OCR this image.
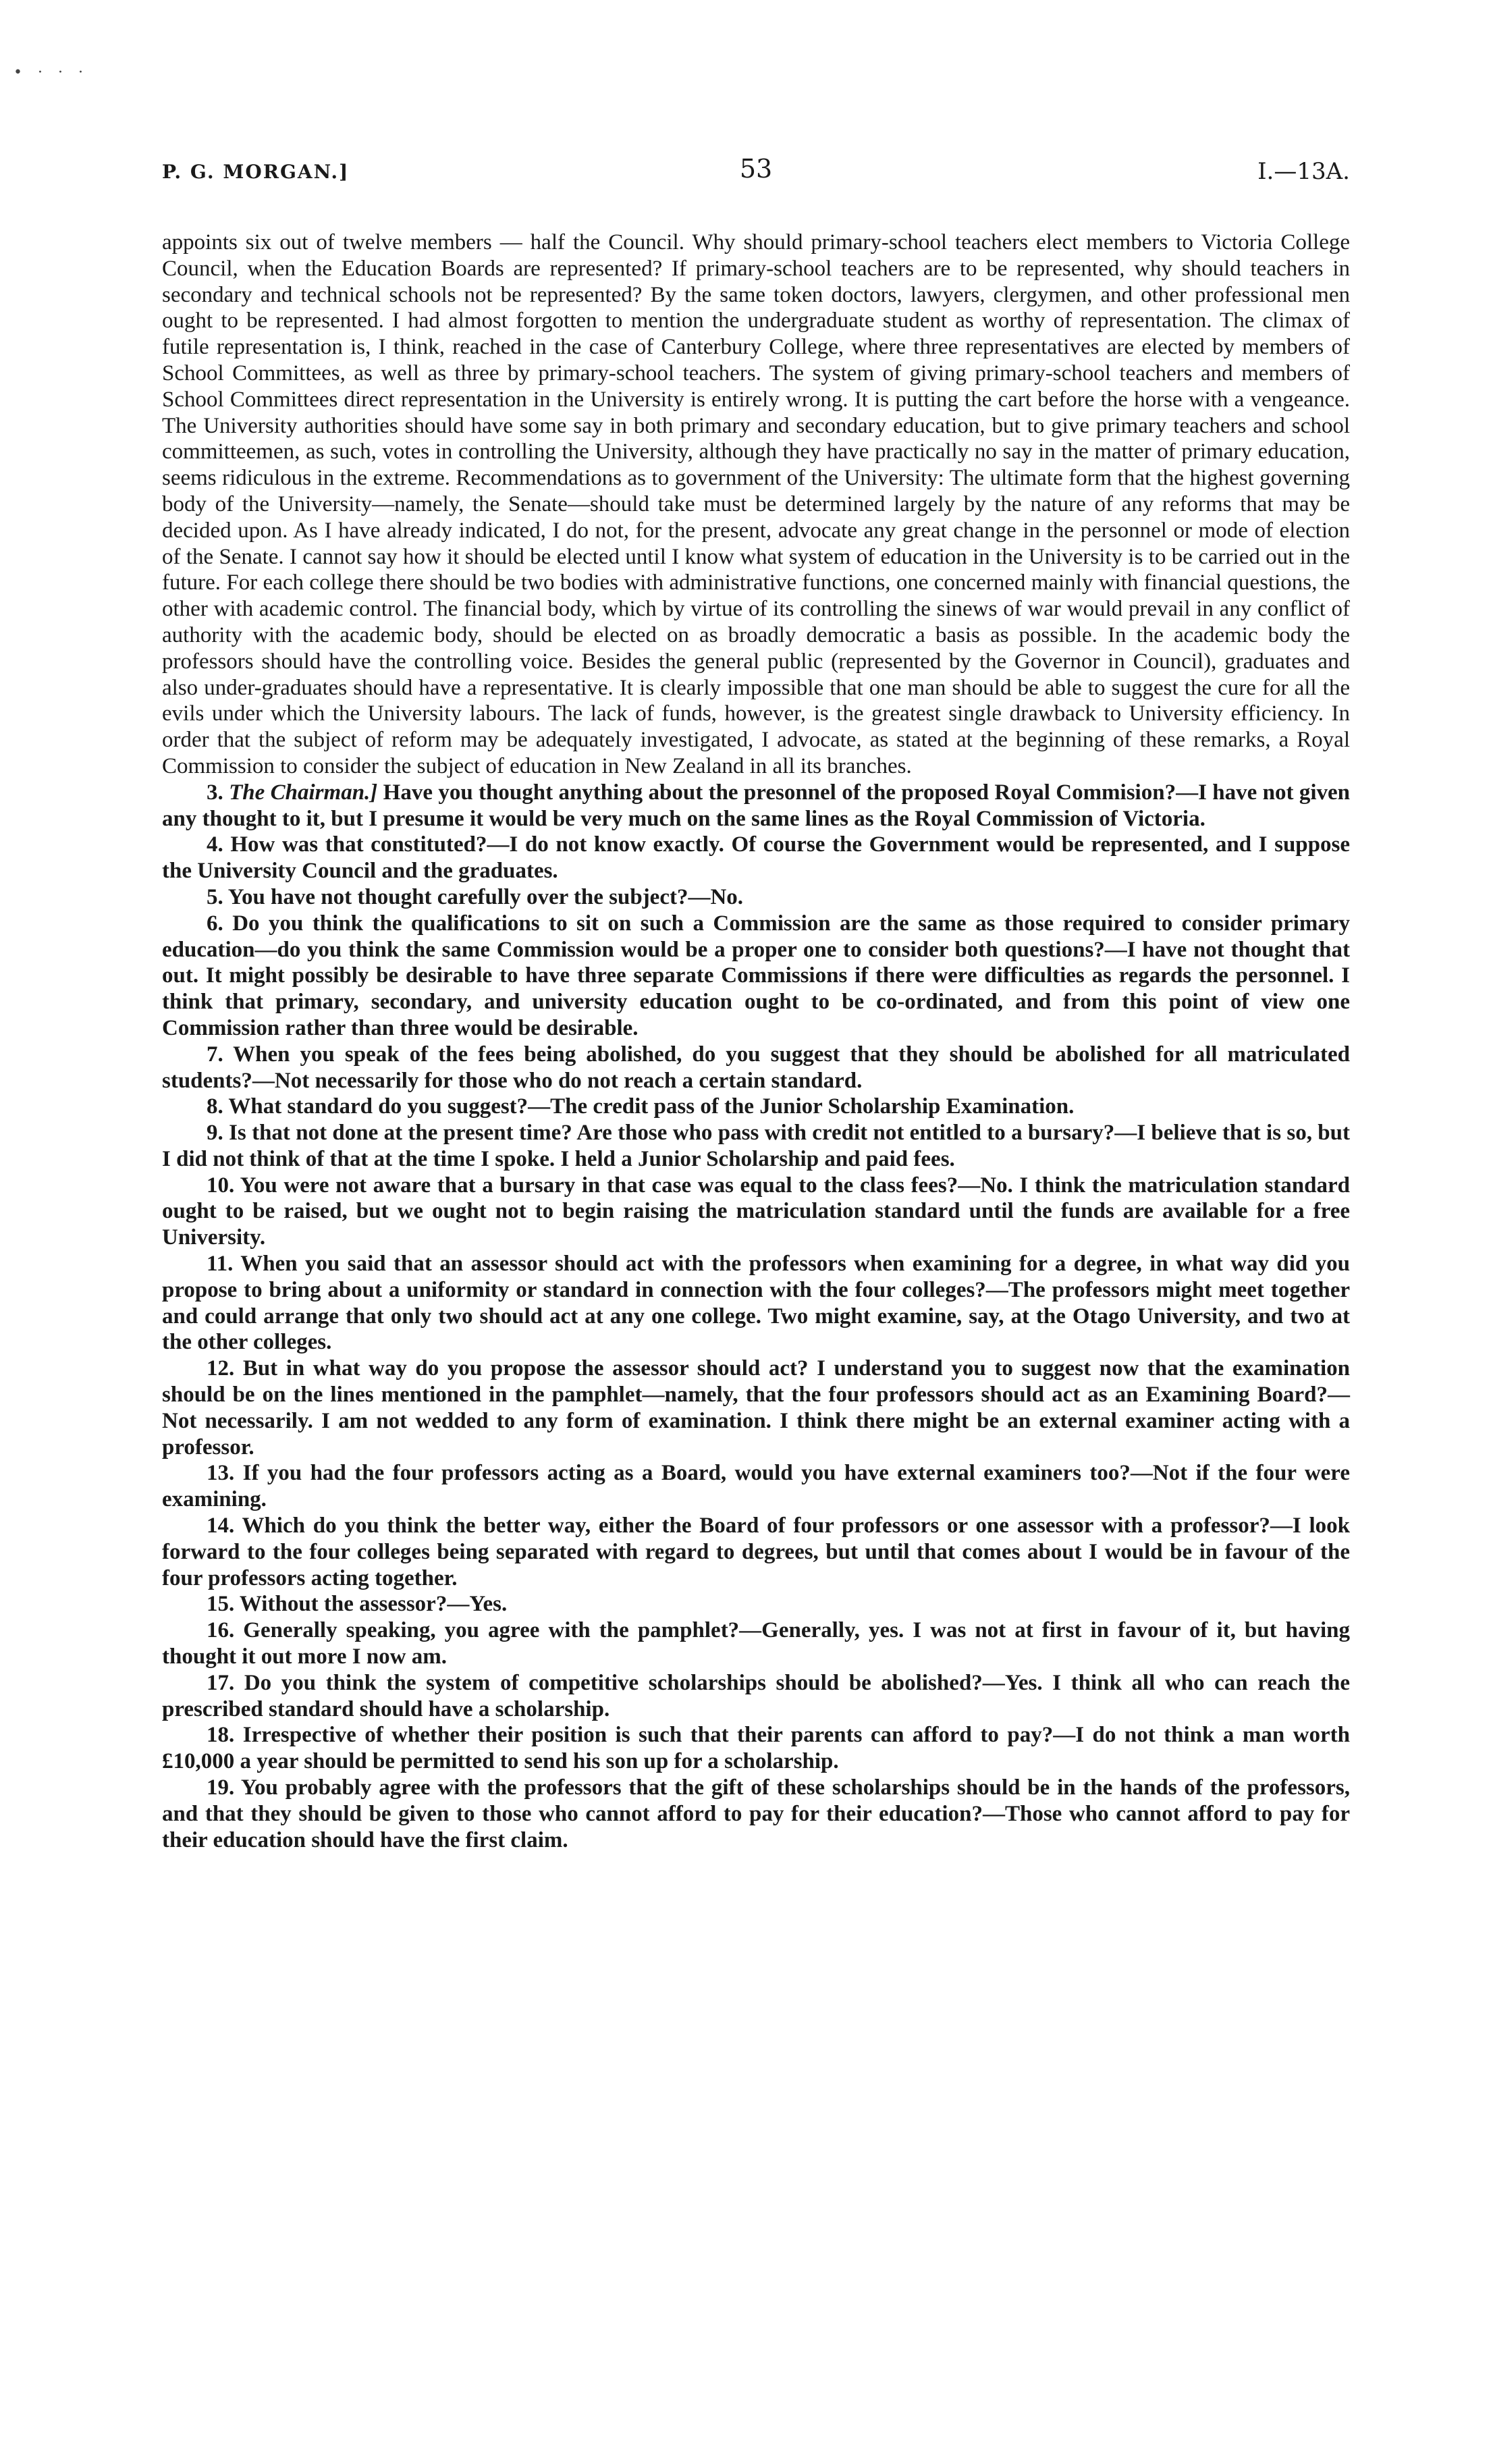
• · · ·
P. G. MORGAN.]	53	I.—13A.

appoints six out of twelve members — half the Council. Why should primary-school teachers elect members to Victoria College Council, when the Education Boards are represented? If primary-school teachers are to be represented, why should teachers in secondary and technical schools not be represented? By the same token doctors, lawyers, clergymen, and other professional men ought to be represented. I had almost forgotten to mention the undergraduate student as worthy of representation. The climax of futile representation is, I think, reached in the case of Canterbury College, where three representatives are elected by members of School Committees, as well as three by primary-school teachers. The system of giving primary-school teachers and members of School Committees direct representation in the University is entirely wrong. It is putting the cart before the horse with a vengeance. The University authorities should have some say in both primary and secondary education, but to give primary teachers and school committeemen, as such, votes in controlling the University, although they have practically no say in the matter of primary education, seems ridiculous in the extreme. Recommendations as to government of the University: The ultimate form that the highest governing body of the University—namely, the Senate—should take must be determined largely by the nature of any reforms that may be decided upon. As I have already indicated, I do not, for the present, advocate any great change in the personnel or mode of election of the Senate. I cannot say how it should be elected until I know what system of education in the University is to be carried out in the future. For each college there should be two bodies with administrative functions, one concerned mainly with financial questions, the other with academic control. The financial body, which by virtue of its controlling the sinews of war would prevail in any conflict of authority with the academic body, should be elected on as broadly democratic a basis as possible. In the academic body the professors should have the controlling voice. Besides the general public (represented by the Governor in Council), graduates and also under-graduates should have a representative. It is clearly impossible that one man should be able to suggest the cure for all the evils under which the University labours. The lack of funds, however, is the greatest single drawback to University efficiency. In order that the subject of reform may be adequately investigated, I advocate, as stated at the beginning of these remarks, a Royal Commission to consider the subject of education in New Zealand in all its branches.

3. The Chairman.] Have you thought anything about the presonnel of the proposed Royal Commision?—I have not given any thought to it, but I presume it would be very much on the same lines as the Royal Commission of Victoria.

4. How was that constituted?—I do not know exactly. Of course the Government would be represented, and I suppose the University Council and the graduates.

5. You have not thought carefully over the subject?—No.

6. Do you think the qualifications to sit on such a Commission are the same as those required to consider primary education—do you think the same Commission would be a proper one to consider both questions?—I have not thought that out. It might possibly be desirable to have three separate Commissions if there were difficulties as regards the personnel. I think that primary, secondary, and university education ought to be co-ordinated, and from this point of view one Commission rather than three would be desirable.

7. When you speak of the fees being abolished, do you suggest that they should be abolished for all matriculated students?—Not necessarily for those who do not reach a certain standard.

8. What standard do you suggest?—The credit pass of the Junior Scholarship Examination.

9. Is that not done at the present time? Are those who pass with credit not entitled to a bursary?—I believe that is so, but I did not think of that at the time I spoke. I held a Junior Scholarship and paid fees.

10. You were not aware that a bursary in that case was equal to the class fees?—No. I think the matriculation standard ought to be raised, but we ought not to begin raising the matriculation standard until the funds are available for a free University.

11. When you said that an assessor should act with the professors when examining for a degree, in what way did you propose to bring about a uniformity or standard in connection with the four colleges?—The professors might meet together and could arrange that only two should act at any one college. Two might examine, say, at the Otago University, and two at the other colleges.

12. But in what way do you propose the assessor should act? I understand you to suggest now that the examination should be on the lines mentioned in the pamphlet—namely, that the four professors should act as an Examining Board?—Not necessarily. I am not wedded to any form of examination. I think there might be an external examiner acting with a professor.

13. If you had the four professors acting as a Board, would you have external examiners too?—Not if the four were examining.

14. Which do you think the better way, either the Board of four professors or one assessor with a professor?—I look forward to the four colleges being separated with regard to degrees, but until that comes about I would be in favour of the four professors acting together.

15. Without the assessor?—Yes.

16. Generally speaking, you agree with the pamphlet?—Generally, yes. I was not at first in favour of it, but having thought it out more I now am.

17. Do you think the system of competitive scholarships should be abolished?—Yes. I think all who can reach the prescribed standard should have a scholarship.

18. Irrespective of whether their position is such that their parents can afford to pay?—I do not think a man worth £10,000 a year should be permitted to send his son up for a scholarship.

19. You probably agree with the professors that the gift of these scholarships should be in the hands of the professors, and that they should be given to those who cannot afford to pay for their education?—Those who cannot afford to pay for their education should have the first claim.
